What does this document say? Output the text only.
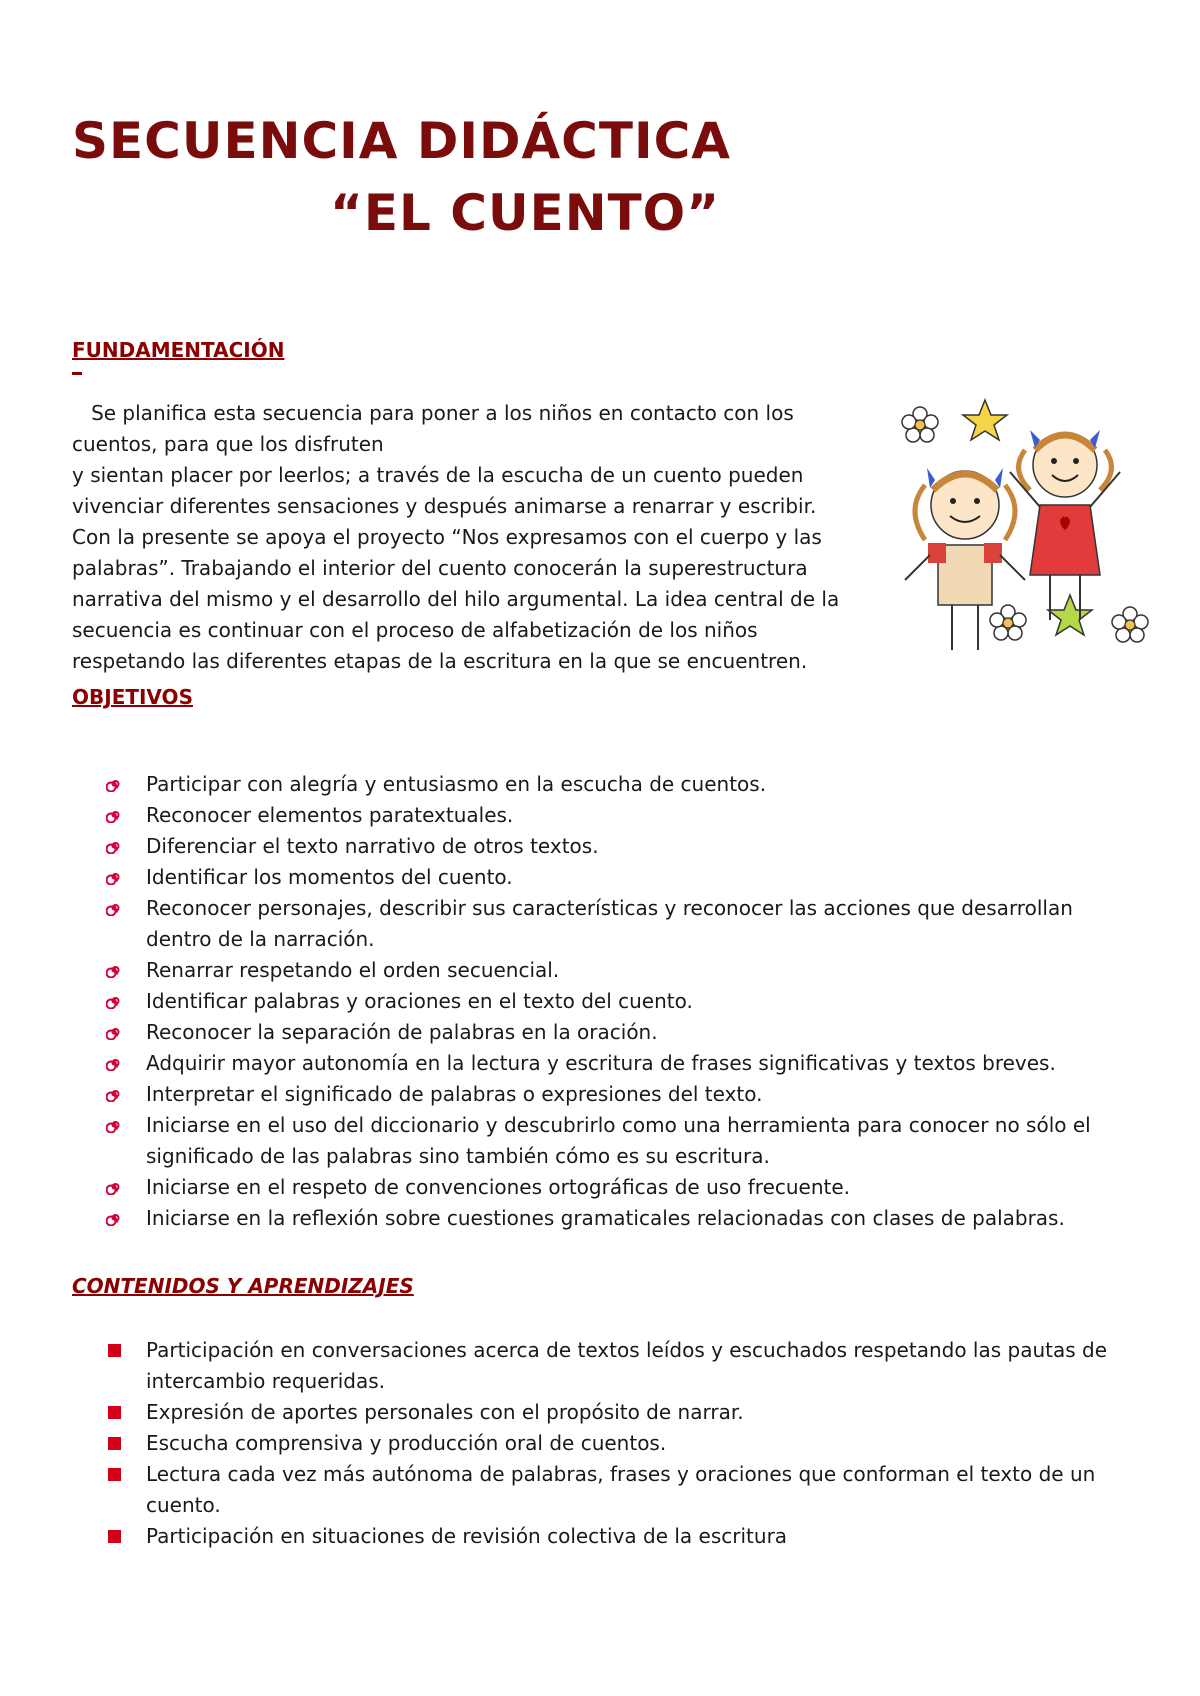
SECUENCIA DIDÁCTICA
“EL CUENTO”
FUNDAMENTACIÓN

Se planifica esta secuencia para poner a los niños en contacto con los
cuentos, para que los disfruten
y sientan placer por leerlos; a través de la escucha de un cuento pueden
vivenciar diferentes sensaciones y después animarse a renarrar y escribir.
Con la presente se apoya el proyecto “Nos expresamos con el cuerpo y las
palabras”. Trabajando el interior del cuento conocerán la superestructura
narrativa del mismo y el desarrollo del hilo argumental. La idea central de la
secuencia es continuar con el proceso de alfabetización de los niños
respetando las diferentes etapas de la escritura en la que se encuentren.

OBJETIVOS
Participar con alegría y entusiasmo en la escucha de cuentos.
Reconocer elementos paratextuales.
Diferenciar el texto narrativo de otros textos.
Identificar los momentos del cuento.
Reconocer personajes, describir sus características y reconocer las acciones que desarrollan dentro de la narración.
Renarrar respetando el orden secuencial.
Identificar palabras y oraciones en el texto del cuento.
Reconocer la separación de palabras en la oración.
Adquirir mayor autonomía en la lectura y escritura de frases significativas y textos breves.
Interpretar el significado de palabras o expresiones del texto.
Iniciarse en el uso del diccionario y descubrirlo como una herramienta para conocer no sólo el significado de las palabras sino también cómo es su escritura.
Iniciarse en el respeto de convenciones ortográficas de uso frecuente.
Iniciarse en la reflexión sobre cuestiones gramaticales relacionadas con clases de palabras.
CONTENIDOS Y APRENDIZAJES
Participación en conversaciones acerca de textos leídos y escuchados respetando las pautas de intercambio requeridas.
Expresión de aportes personales con el propósito de narrar.
Escucha comprensiva y producción oral de cuentos.
Lectura cada vez más autónoma de palabras, frases y oraciones que conforman el texto de un cuento.
Participación en situaciones de revisión colectiva de la escritura
